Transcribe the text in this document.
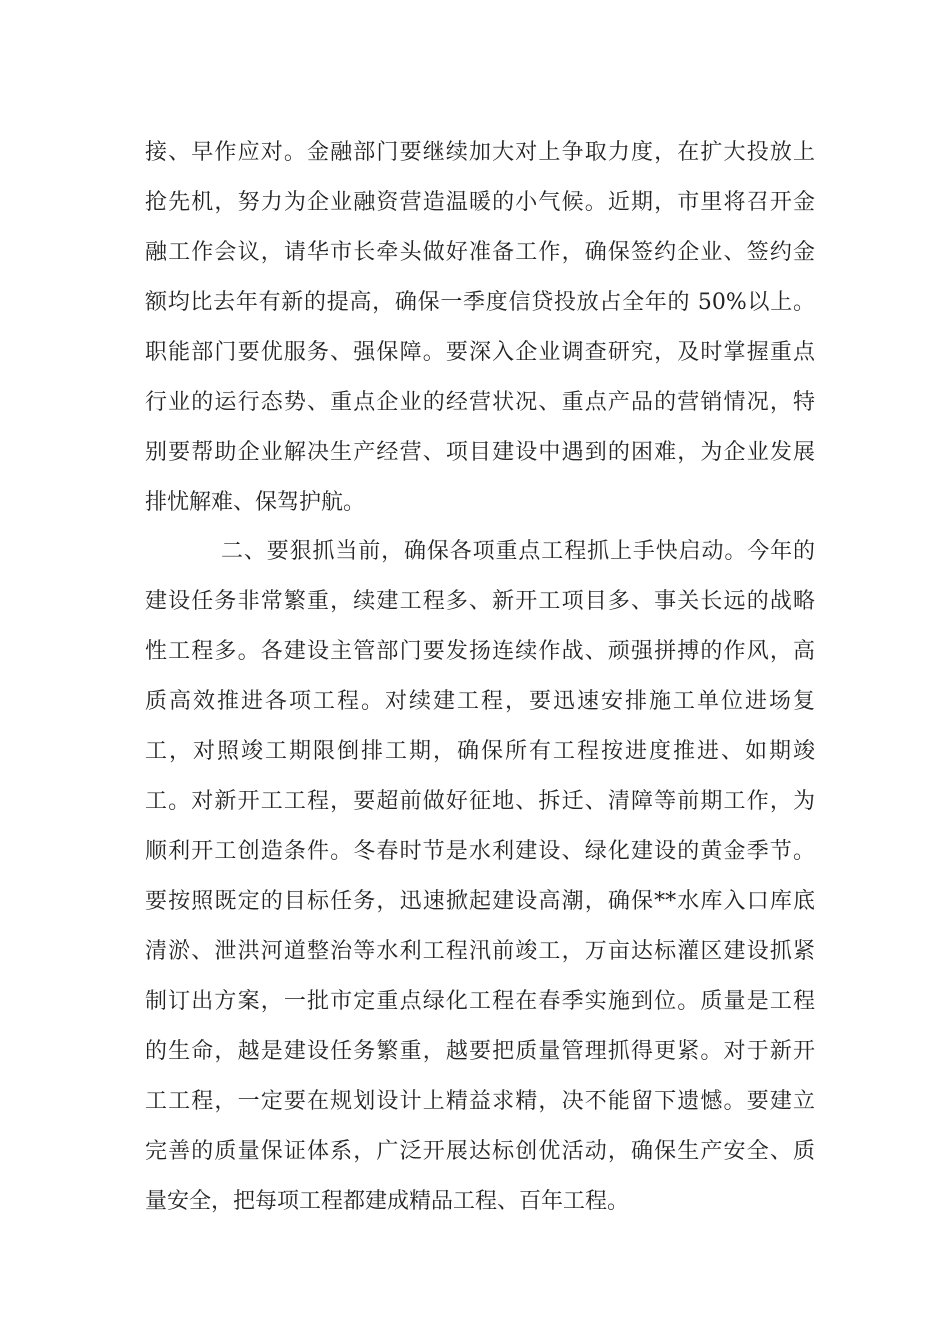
接、早作应对。金融部门要继续加大对上争取力度，在扩大投放上
抢先机，努力为企业融资营造温暖的小气候。近期，市里将召开金
融工作会议，请华市长牵头做好准备工作，确保签约企业、签约金
额均比去年有新的提高，确保一季度信贷投放占全年的 50%以上。
职能部门要优服务、强保障。要深入企业调查研究，及时掌握重点
行业的运行态势、重点企业的经营状况、重点产品的营销情况，特
别要帮助企业解决生产经营、项目建设中遇到的困难，为企业发展
排忧解难、保驾护航。
二、要狠抓当前，确保各项重点工程抓上手快启动。今年的
建设任务非常繁重，续建工程多、新开工项目多、事关长远的战略
性工程多。各建设主管部门要发扬连续作战、顽强拼搏的作风，高
质高效推进各项工程。对续建工程，要迅速安排施工单位进场复
工，对照竣工期限倒排工期，确保所有工程按进度推进、如期竣
工。对新开工工程，要超前做好征地、拆迁、清障等前期工作，为
顺利开工创造条件。冬春时节是水利建设、绿化建设的黄金季节。
要按照既定的目标任务，迅速掀起建设高潮，确保**水库入口库底
清淤、泄洪河道整治等水利工程汛前竣工，万亩达标灌区建设抓紧
制订出方案，一批市定重点绿化工程在春季实施到位。质量是工程
的生命，越是建设任务繁重，越要把质量管理抓得更紧。对于新开
工工程，一定要在规划设计上精益求精，决不能留下遗憾。要建立
完善的质量保证体系，广泛开展达标创优活动，确保生产安全、质
量安全，把每项工程都建成精品工程、百年工程。
